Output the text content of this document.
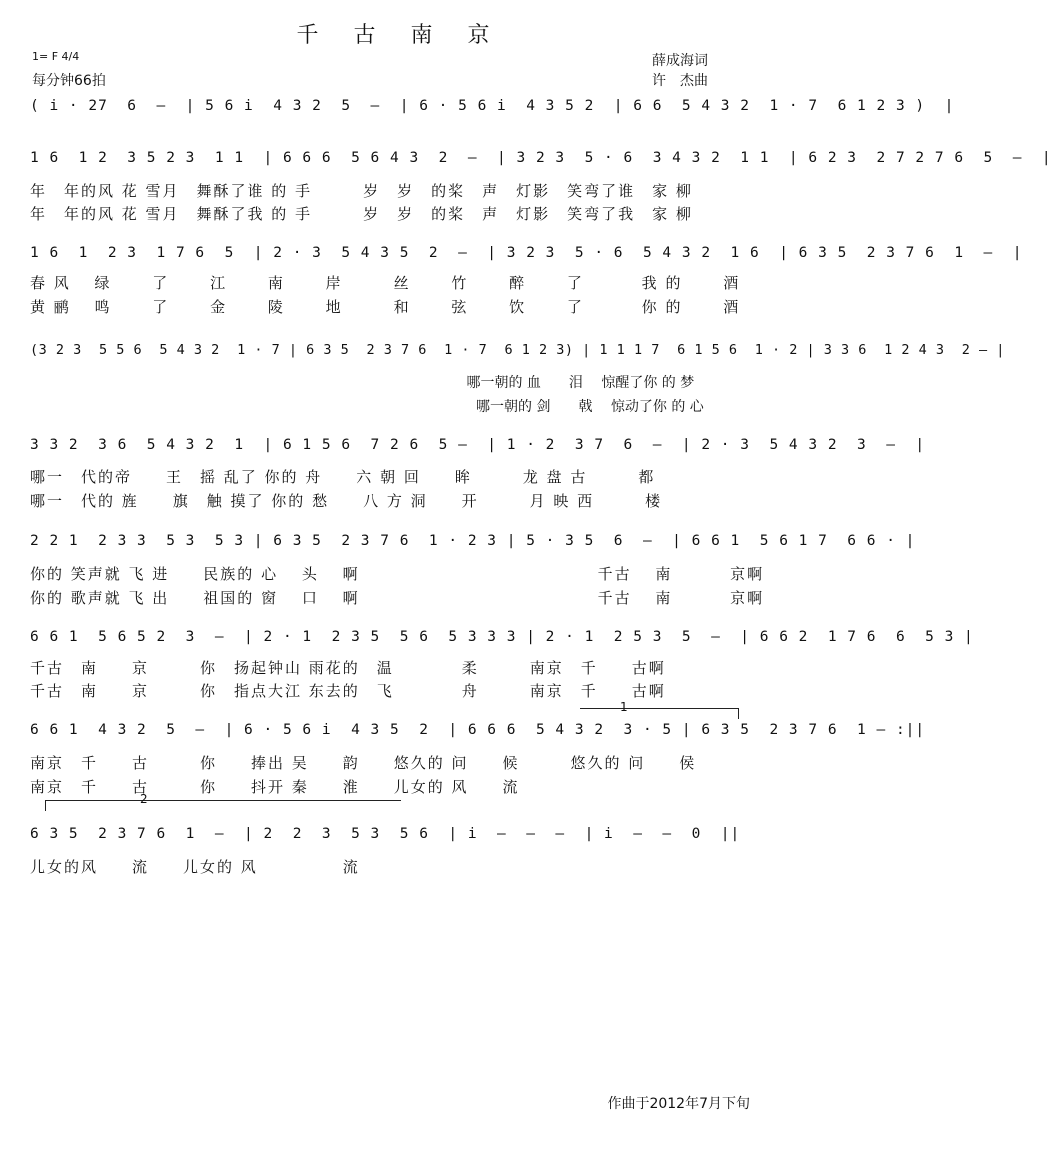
千 古 南 京
1= F 4/4
每分钟66拍
薛成海词
许　杰曲
( i · 27  6  –  | 5 6 i  4 3 2  5  –  | 6 · 5 6 i  4 3 5 2  | 6 6  5 4 3 2  1 · 7  6 1 2 3 )  |
1 6  1 2  3 5 2 3  1 1  | 6 6 6  5 6 4 3  2  –  | 3 2 3  5 · 6  3 4 3 2  1 1  | 6 2 3  2 7 2 7 6  5  –  |
年　年的风 花 雪月　舞酥了谁 的 手　　　岁　岁　的桨　声　灯影　笑弯了谁　家 柳
年　年的风 花 雪月　舞酥了我 的 手　　　岁　岁　的桨　声　灯影　笑弯了我　家 柳
1 6  1  2 3  1 7 6  5  | 2 · 3  5 4 3 5  2  –  | 3 2 3  5 · 6  5 4 3 2  1 6  | 6 3 5  2 3 7 6  1  –  |
春 风　 绿　　 了　　 江　　 南　　 岸　　　丝　　 竹　　 醉　　 了　　　 我 的　　 酒
黄 鹂　 鸣　　 了　　 金　　 陵　　 地　　　和　　 弦　　 饮　　 了　　　 你 的　　 酒
(3 2 3  5 5 6  5 4 3 2  1 · 7 | 6 3 5  2 3 7 6  1 · 7  6 1 2 3) | 1 1 1 7  6 1 5 6  1 · 2 | 3 3 6  1 2 4 3  2 – |
　　　　　　　　　　　　　　　　　　　　　　　　　　　　　　　　　 哪一朝的 血　　泪　 惊醒了你 的 梦
　　　　　　　　　　　　　　　　　　　　　　　　　　　　　　　　　　哪一朝的 剑　　戟　 惊动了你 的 心
3 3 2  3 6  5 4 3 2  1  | 6 1 5 6  7 2 6  5 –  | 1 · 2  3 7  6  –  | 2 · 3  5 4 3 2  3  –  |
哪一　代的帝　　王　摇 乱了 你的 舟　　六 朝 回　　眸　　　龙 盘 古　　　都
哪一　代的 旌　　旗　触 摸了 你的 愁　　八 方 洞　　开　　　月 映 西　　　楼
2 2 1  2 3 3  5 3  5 3 | 6 3 5  2 3 7 6  1 · 2 3 | 5 · 3 5  6  –  | 6 6 1  5 6 1 7  6 6 · |
你的 笑声就 飞 进　　民族的 心　 头　 啊　　　　　　　　　　　　　　千古　 南　　　 京啊
你的 歌声就 飞 出　　祖国的 窗　 口　 啊　　　　　　　　　　　　　　千古　 南　　　 京啊
6 6 1  5 6 5 2  3  –  | 2 · 1  2 3 5  5 6  5 3 3 3 | 2 · 1  2 5 3  5  –  | 6 6 2  1 7 6  6  5 3 |
千古　南　　京　　　你　扬起钟山 雨花的　温　　　　柔　　　南京　千　　古啊
千古　南　　京　　　你　指点大江 东去的　飞　　　　舟　　　南京　千　　古啊
1
6 6 1  4 3 2  5  –  | 6 · 5 6 i  4 3 5  2  | 6 6 6  5 4 3 2  3 · 5 | 6 3 5  2 3 7 6  1 – :||
南京　千　　古　　　你　　捧出 吴　　韵　　悠久的 问　　候　　　悠久的 问　　侯
南京　千　　古　　　你　　抖开 秦　　淮　　儿女的 风　　流
2
6 3 5  2 3 7 6  1  –  | 2  2  3  5 3  5 6  | i  –  –  –  | i  –  –  0  ||
儿女的风　　流　　儿女的 风　　　　　流
作曲于2012年7月下旬
